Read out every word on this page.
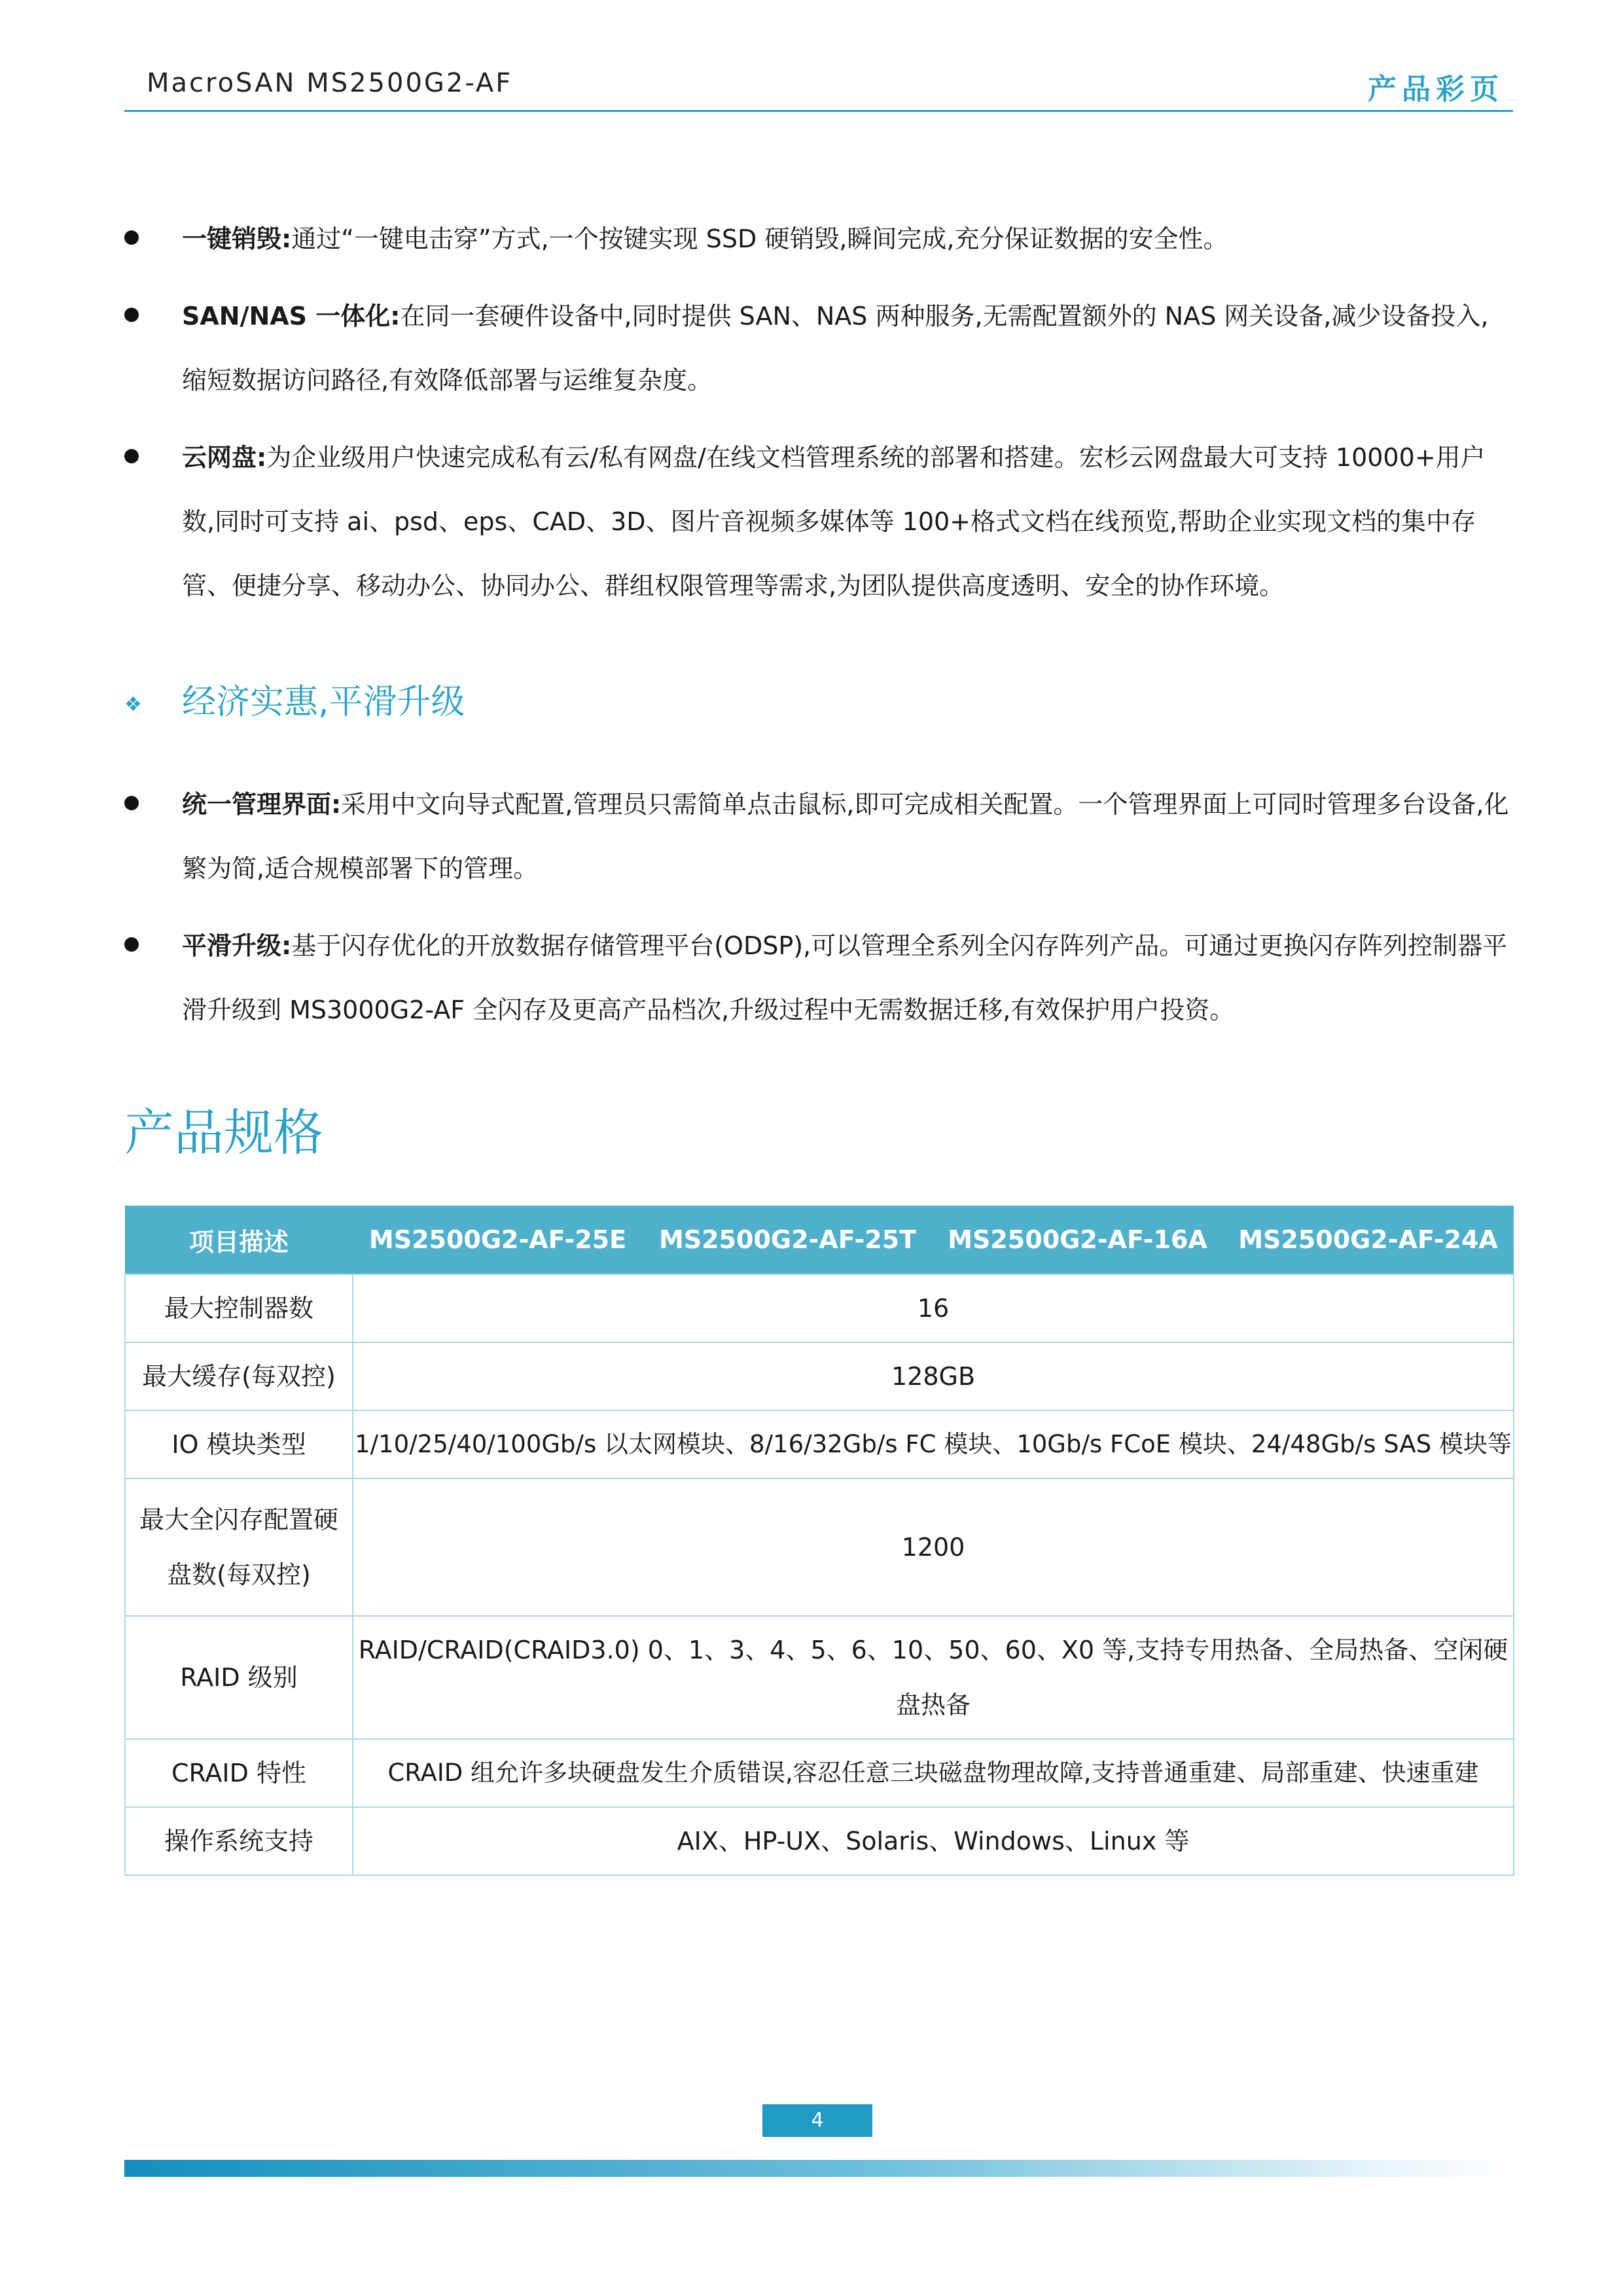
MacroSAN MS2500G2-AF	产品彩页
一键销毁:通过“一键电击穿”方式,一个按键实现 SSD 硬销毁,瞬间完成,充分保证数据的安全性。
SAN/NAS 一体化:在同一套硬件设备中,同时提供 SAN、NAS 两种服务,无需配置额外的 NAS 网关设备,减少设备投入,缩短数据访问路径,有效降低部署与运维复杂度。
云网盘:为企业级用户快速完成私有云/私有网盘/在线文档管理系统的部署和搭建。宏杉云网盘最大可支持 10000+用户数,同时可支持 ai、psd、eps、CAD、3D、图片音视频多媒体等 100+格式文档在线预览,帮助企业实现文档的集中存管、便捷分享、移动办公、协同办公、群组权限管理等需求,为团队提供高度透明、安全的协作环境。
❖ 经济实惠,平滑升级
统一管理界面:采用中文向导式配置,管理员只需简单点击鼠标,即可完成相关配置。一个管理界面上可同时管理多台设备,化繁为简,适合规模部署下的管理。
平滑升级:基于闪存优化的开放数据存储管理平台(ODSP),可以管理全系列全闪存阵列产品。可通过更换闪存阵列控制器平滑升级到 MS3000G2-AF 全闪存及更高产品档次,升级过程中无需数据迁移,有效保护用户投资。
产品规格
项目描述	MS2500G2-AF-25E	MS2500G2-AF-25T	MS2500G2-AF-16A	MS2500G2-AF-24A
最大控制器数	16			
最大缓存(每双控)	128GB			
IO 模块类型	1/10/25/40/100Gb/s 以太网模块、8/16/32Gb/s FC 模块、10Gb/s FCoE 模块、24/48Gb/s SAS 模块等			
最大全闪存配置硬盘数(每双控)	1200			
RAID 级别	RAID/CRAID(CRAID3.0) 0、1、3、4、5、6、10、50、60、X0 等,支持专用热备、全局热备、空闲硬盘热备			
CRAID 特性	CRAID 组允许多块硬盘发生介质错误,容忍任意三块磁盘物理故障,支持普通重建、局部重建、快速重建			
操作系统支持	AIX、HP-UX、Solaris、Windows、Linux 等			
4
